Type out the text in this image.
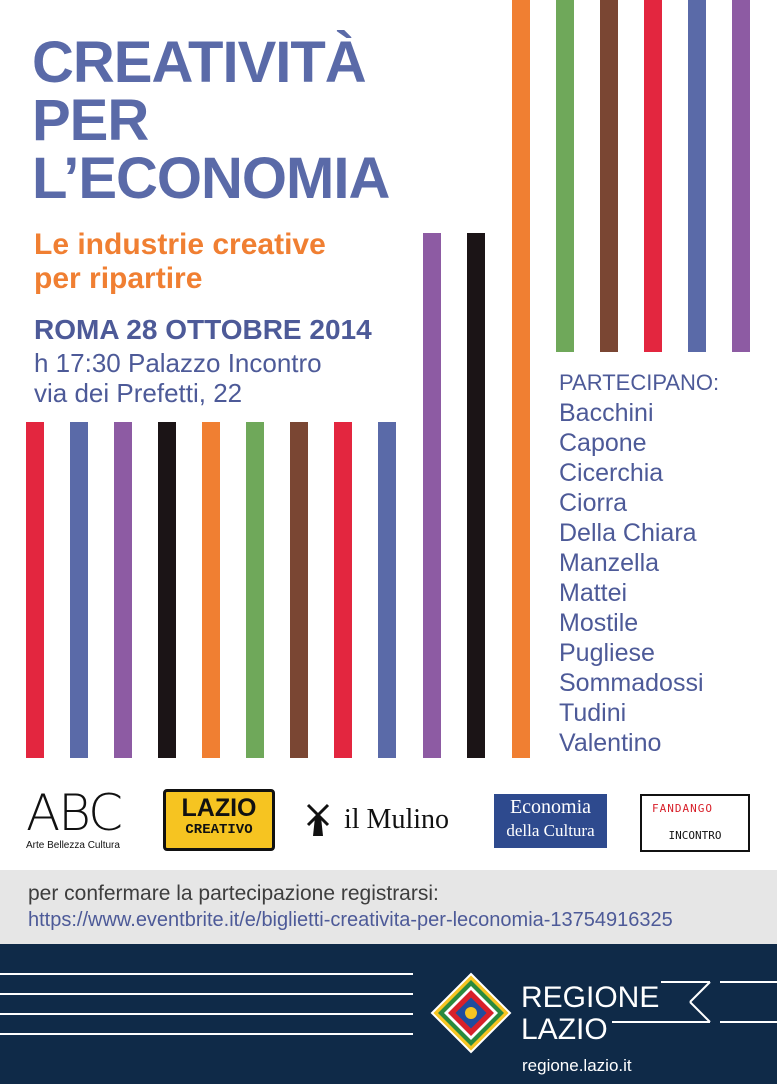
CREATIVITÀ
PER
L’ECONOMIA
Le industrie creative
per ripartire
ROMA 28 OTTOBRE 2014
h 17:30 Palazzo Incontro
via dei Prefetti, 22	PARTECIPANO:
Bacchini
Capone
Cicerchia
Ciorra
Della Chiara
Manzella
Mattei
Mostile
Pugliese
Sommadossi
Tudini
Valentino
ABC
Arte Bellezza Cultura
LAZIO
CREATIVO	il Mulino	Economia
della Cultura
FANDANGO
INCONTRO
per confermare la partecipazione registrarsi:
https://www.eventbrite.it/e/biglietti-creativita-per-leconomia-13754916325
REGIONE
LAZIO
regione.lazio.it
